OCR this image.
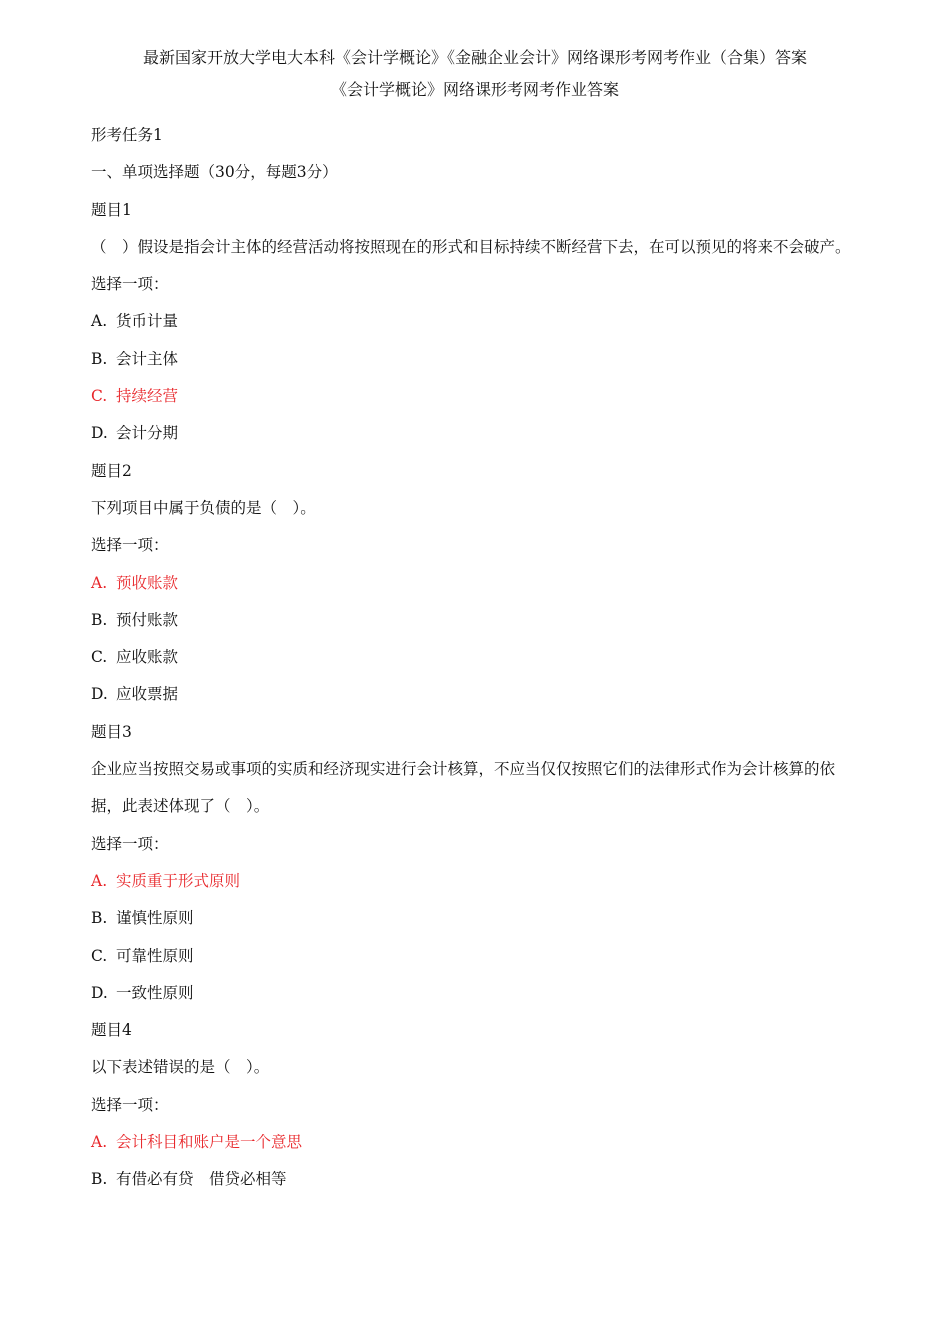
最新国家开放大学电大本科《会计学概论》《金融企业会计》网络课形考网考作业（合集）答案
《会计学概论》网络课形考网考作业答案
形考任务1
一、单项选择题（30分，每题3分）
题目1
（　）假设是指会计主体的经营活动将按照现在的形式和目标持续不断经营下去，在可以预见的将来不会破产。
选择一项：
A. 货币计量
B. 会计主体
C. 持续经营
D. 会计分期
题目2
下列项目中属于负债的是（　）。
选择一项：
A. 预收账款
B. 预付账款
C. 应收账款
D. 应收票据
题目3
企业应当按照交易或事项的实质和经济现实进行会计核算，不应当仅仅按照它们的法律形式作为会计核算的依据，此表述体现了（　）。
选择一项：
A. 实质重于形式原则
B. 谨慎性原则
C. 可靠性原则
D. 一致性原则
题目4
以下表述错误的是（　）。
选择一项：
A. 会计科目和账户是一个意思
B. 有借必有贷　借贷必相等
